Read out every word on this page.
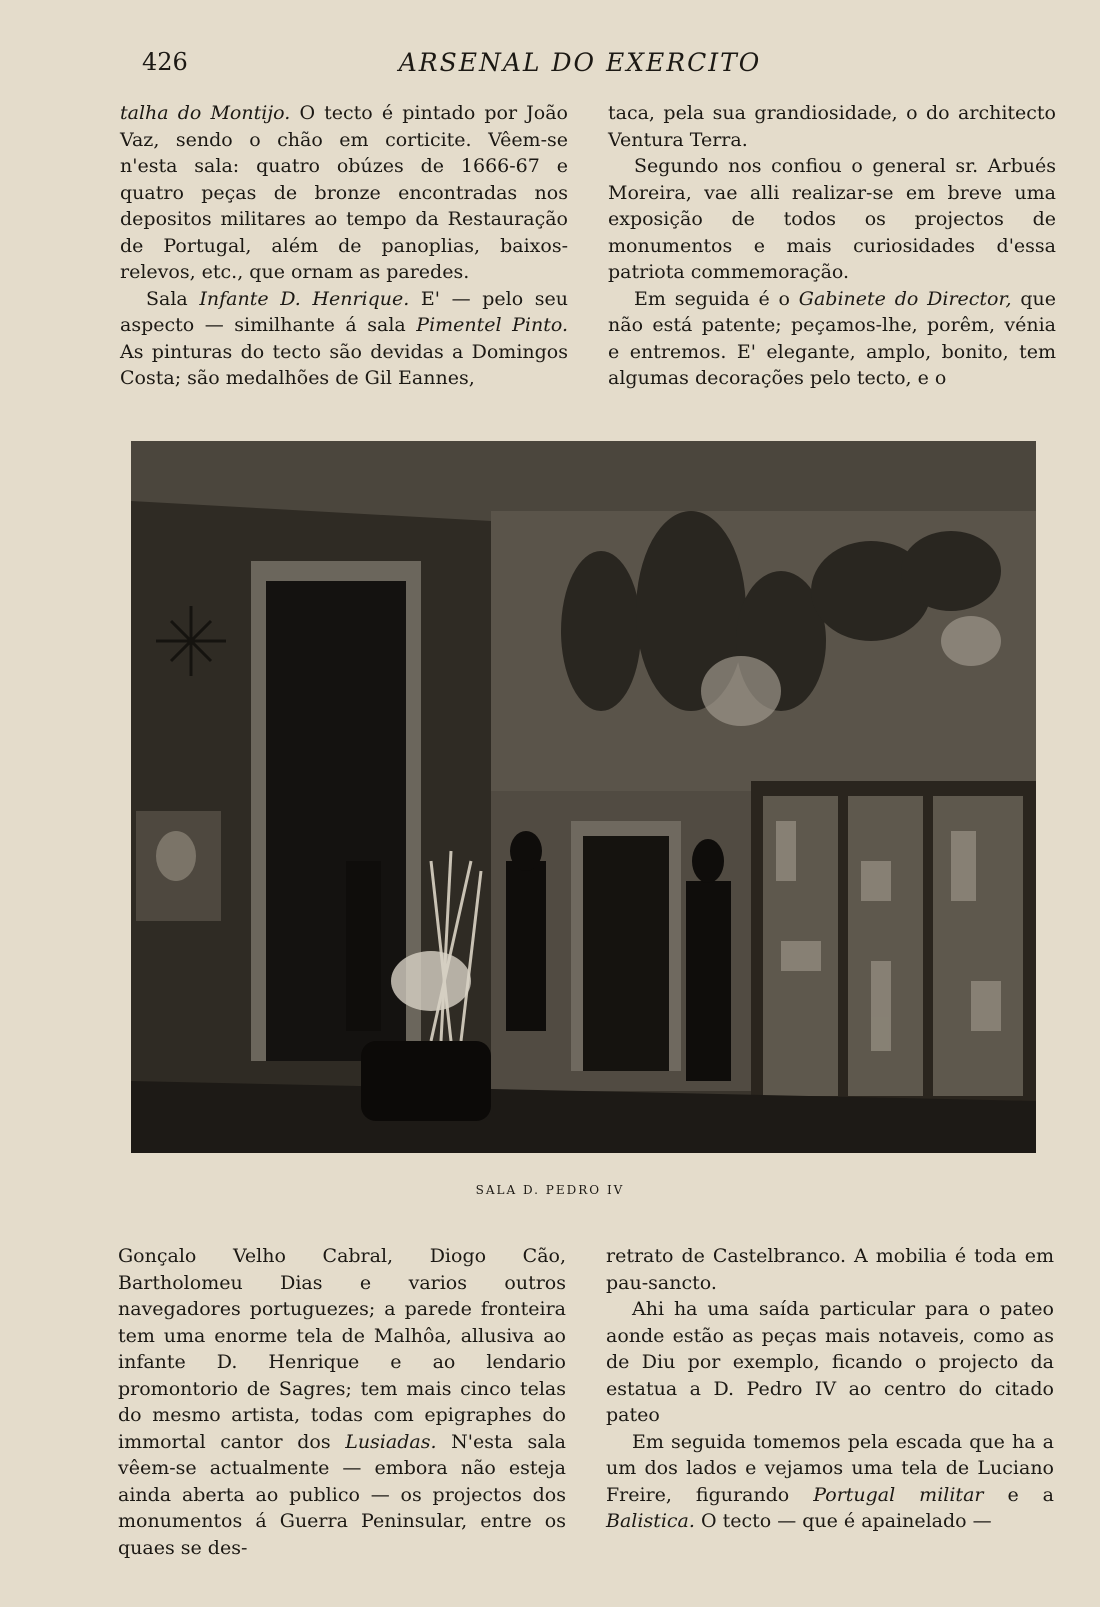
426	ARSENAL DO EXERCITO

talha do Montijo. O tecto é pintado por João Vaz, sendo o chão em corticite. Vêem-se n'esta sala: quatro obúzes de 1666-67 e quatro peças de bronze encontradas nos depositos militares ao tempo da Restauração de Portugal, além de panoplias, baixos-relevos, etc., que ornam as paredes.

Sala Infante D. Henrique. E' — pelo seu aspecto — similhante á sala Pimentel Pinto. As pinturas do tecto são devidas a Domingos Costa; são medalhões de Gil Eannes,

taca, pela sua grandiosidade, o do architecto Ventura Terra.

Segundo nos confiou o general sr. Arbués Moreira, vae alli realizar-se em breve uma exposição de todos os projectos de monumentos e mais curiosidades d'essa patriota commemoração.

Em seguida é o Gabinete do Director, que não está patente; peçamos-lhe, porêm, vénia e entremos. E' elegante, amplo, bonito, tem algumas decorações pelo tecto, e o

SALA D. PEDRO IV

Gonçalo Velho Cabral, Diogo Cão, Bartholomeu Dias e varios outros navegadores portuguezes; a parede fronteira tem uma enorme tela de Malhôa, allusiva ao infante D. Henrique e ao lendario promontorio de Sagres; tem mais cinco telas do mesmo artista, todas com epigraphes do immortal cantor dos Lusiadas. N'esta sala vêem-se actualmente — embora não esteja ainda aberta ao publico — os projectos dos monumentos á Guerra Peninsular, entre os quaes se des-

retrato de Castelbranco. A mobilia é toda em pau-sancto.

Ahi ha uma saída particular para o pateo aonde estão as peças mais notaveis, como as de Diu por exemplo, ficando o projecto da estatua a D. Pedro IV ao centro do citado pateo

Em seguida tomemos pela escada que ha a um dos lados e vejamos uma tela de Luciano Freire, figurando Portugal militar e a Balistica. O tecto — que é apainelado —
